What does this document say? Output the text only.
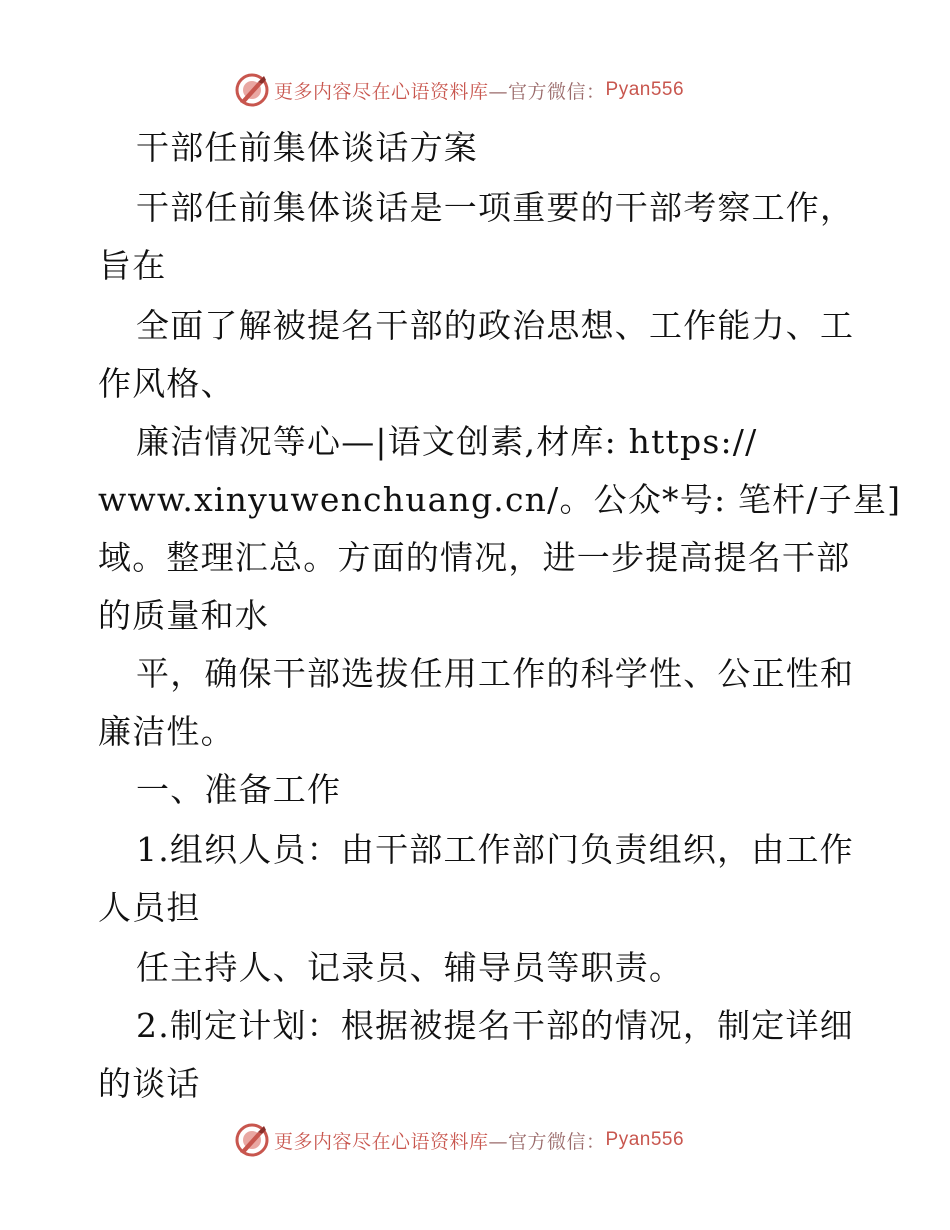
更多内容尽在心语资料库 —官方微信： Pyan556
干部任前集体谈话方案
干部任前集体谈话是一项重要的干部考察工作，
旨在
全面了解被提名干部的政治思想、工作能力、工
作风格、
廉洁情况等心—|语文创素,材库: https://
www.xinyuwenchuang.cn/。公众*号: 笔杆/子星]
域。整理汇总。方面的情况，进一步提高提名干部
的质量和水
平，确保干部选拔任用工作的科学性、公正性和
廉洁性。
一、准备工作
1.组织人员：由干部工作部门负责组织，由工作
人员担
任主持人、记录员、辅导员等职责。
2.制定计划：根据被提名干部的情况，制定详细
的谈话
更多内容尽在心语资料库 —官方微信： Pyan556
